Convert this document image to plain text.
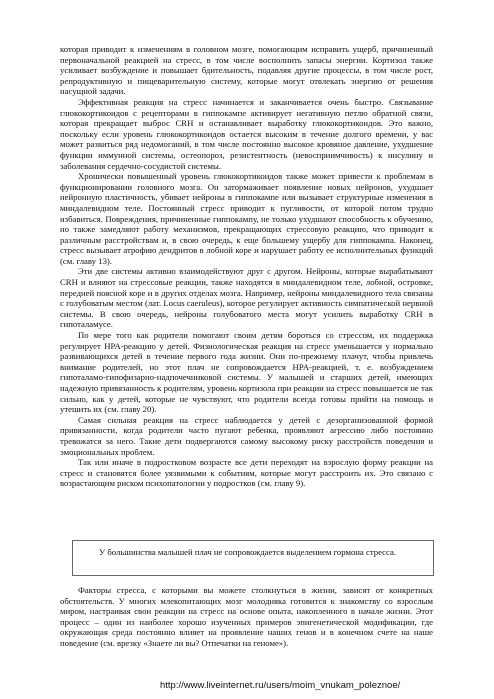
которая приводит к изменениям в головном мозге, помогающим исправить ущерб, причиненный первоначальной реакцией на стресс, в том числе восполнить запасы энергии. Кортизол также усиливает возбуждение и повышает бдительность, подавляя другие процессы, в том числе рост, репродуктивную и пищеварительную систему, которые могут отвлекать энергию от решения насущной задачи.

Эффективная реакция на стресс начинается и заканчивается очень быстро. Связывание глюкокортикоидов с рецепторами в гиппокампе активирует негативную петлю обратной связи, которая прекращает выброс CRH и останавливает выработку глюкокортикоидов. Это важно, поскольку если уровень глюкокортикоидов остается высоким в течение долгого времени, у вас может развиться ряд недомоганий, в том числе постоянно высокое кровяное давление, ухудшение функции иммунной системы, остеопороз, резистентность (невосприимчивость) к инсулину и заболевания сердечно-сосудистой системы.

Хронически повышенный уровень глюкокортикоидов также может привести к проблемам в функционировании головного мозга. Он затормаживает появление новых нейронов, ухудшает нейронную пластичность, убивает нейроны в гиппокампе или вызывает структурные изменения в миндалевидном теле. Постоянный стресс приводит к пугливости, от которой потом трудно избавиться. Повреждения, причиненные гиппокампу, не только ухудшают способность к обучению, но также замедляют работу механизмов, прекращающих стрессовую реакцию, что приводит к различным расстройствам и, в свою очередь, к еще большему ущербу для гиппокампа. Наконец, стресс вызывает атрофию дендритов в лобной коре и нарушает работу ее исполнительных функций (см. главу 13).

Эти две системы активно взаимодействуют друг с другом. Нейроны, которые вырабатывают CRH и влияют на стрессовые реакции, также находятся в миндалевидном теле, лобной, островке, передней поясной коре и в других отделах мозга. Например, нейроны миндалевидного тела связаны с голубоватым местом (лат. Locus caeruleus), которое регулирует активность симпатической нервной системы. В свою очередь, нейроны голубоватого места могут усилить выработку CRH в гипоталамусе.

По мере того как родители помогают своим детям бороться со стрессом, их поддержка регулирует HPA-реакцию у детей. Физиологическая реакция на стресс уменьшается у нормально развивающихся детей в течение первого года жизни. Они по-прежнему плачут, чтобы привлечь внимание родителей, но этот плач не сопровождается HPA-реакцией, т. е. возбуждением гипоталамо-гипофизарно-надпочечниковой системы. У малышей и старших детей, имеющих надежную привязанность к родителям, уровень кортизола при реакции на стресс повышается не так сильно, как у детей, которые не чувствуют, что родители всегда готовы прийти на помощь и утешить их (см. главу 20).

Самая сильная реакция на стресс наблюдается у детей с дезорганизованной формой привязанности, когда родители часто пугают ребенка, проявляют агрессию либо постоянно тревожатся за него. Такие дети подвергаются самому высокому риску расстройств поведения и эмоциональных проблем.

Так или иначе в подростковом возрасте все дети переходят на взрослую форму реакции на стресс и становятся более уязвимыми к событиям, которые могут расстроить их. Это связано с возрастающим риском психопатологии у подростков (см. главу 9).

У большинства малышей плач не сопровождается выделением гормона стресса.

Факторы стресса, с которыми вы можете столкнуться в жизни, зависят от конкретных обстоятельств. У многих млекопитающих мозг молодняка готовится к знакомству со взрослым миром, настраивая свои реакции на стресс на основе опыта, накопленного в начале жизни. Этот процесс – один из наиболее хорошо изученных примеров эпигенетической модификации, где окружающая среда постоянно влияет на проявление наших генов и в конечном счете на наше поведение (см. врезку «Знаете ли вы? Отпечатки на геноме»).

http://www.liveinternet.ru/users/moim_vnukam_poleznoe/
